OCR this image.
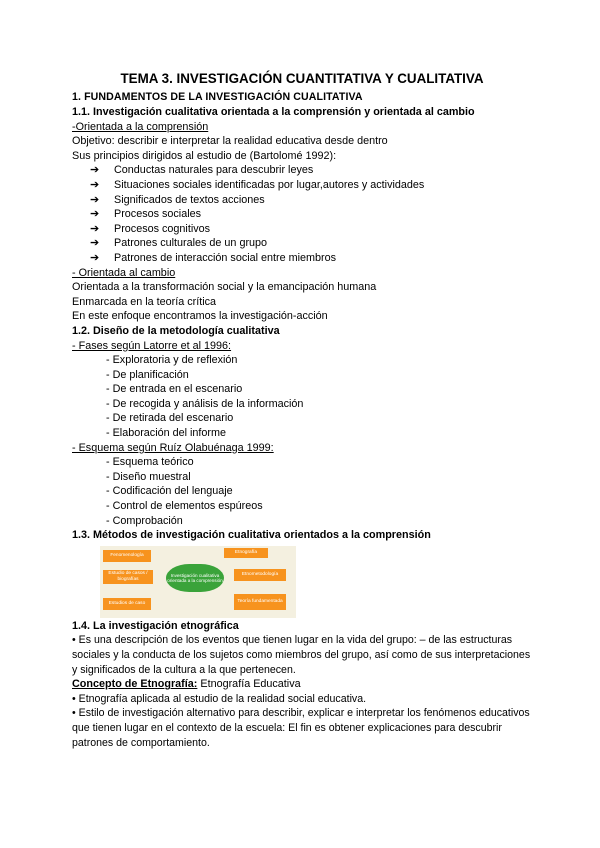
TEMA 3. INVESTIGACIÓN CUANTITATIVA Y CUALITATIVA
1. FUNDAMENTOS DE LA INVESTIGACIÓN CUALITATIVA
1.1. Investigación cualitativa orientada a la comprensión y orientada al cambio
-Orientada a la comprensión
Objetivo: describir e interpretar la realidad educativa desde dentro
Sus principios dirigidos al estudio de (Bartolomé 1992):
➔ Conductas naturales para descubrir leyes
➔ Situaciones sociales identificadas por lugar,autores y actividades
➔ Significados de textos acciones
➔ Procesos sociales
➔ Procesos cognitivos
➔ Patrones culturales de un grupo
➔ Patrones de interacción social entre miembros
- Orientada al cambio
Orientada a la transformación social y la emancipación humana
Enmarcada en la teoría crítica
En este enfoque encontramos la investigación-acción
1.2. Diseño de la metodología cualitativa
- Fases según Latorre et al 1996:
- Exploratoria y de reflexión
- De planificación
- De entrada en el escenario
- De recogida y análisis de la información
- De retirada del escenario
- Elaboración del informe
- Esquema según Ruíz Olabuénaga 1999:
- Esquema teórico
- Diseño muestral
- Codificación del lenguaje
- Control de elementos espúreos
- Comprobación
1.3. Métodos de investigación cualitativa orientados a la comprensión
Fenomenología
Etnografía
Estudio de casos / biografías
Investigación cualitativa orientada a la comprensión
Etnometodología
Estudios de caso	Teoría fundamentada
1.4. La investigación etnográfica
• Es una descripción de los eventos que tienen lugar en la vida del grupo: – de las estructuras sociales y la conducta de los sujetos como miembros del grupo, así como de sus interpretaciones y significados de la cultura a la que pertenecen.
Concepto de Etnografía: Etnografía Educativa
• Etnografía aplicada al estudio de la realidad social educativa.
• Estilo de investigación alternativo para describir, explicar e interpretar los fenómenos educativos que tienen lugar en el contexto de la escuela: El fin es obtener explicaciones para descubrir patrones de comportamiento.
